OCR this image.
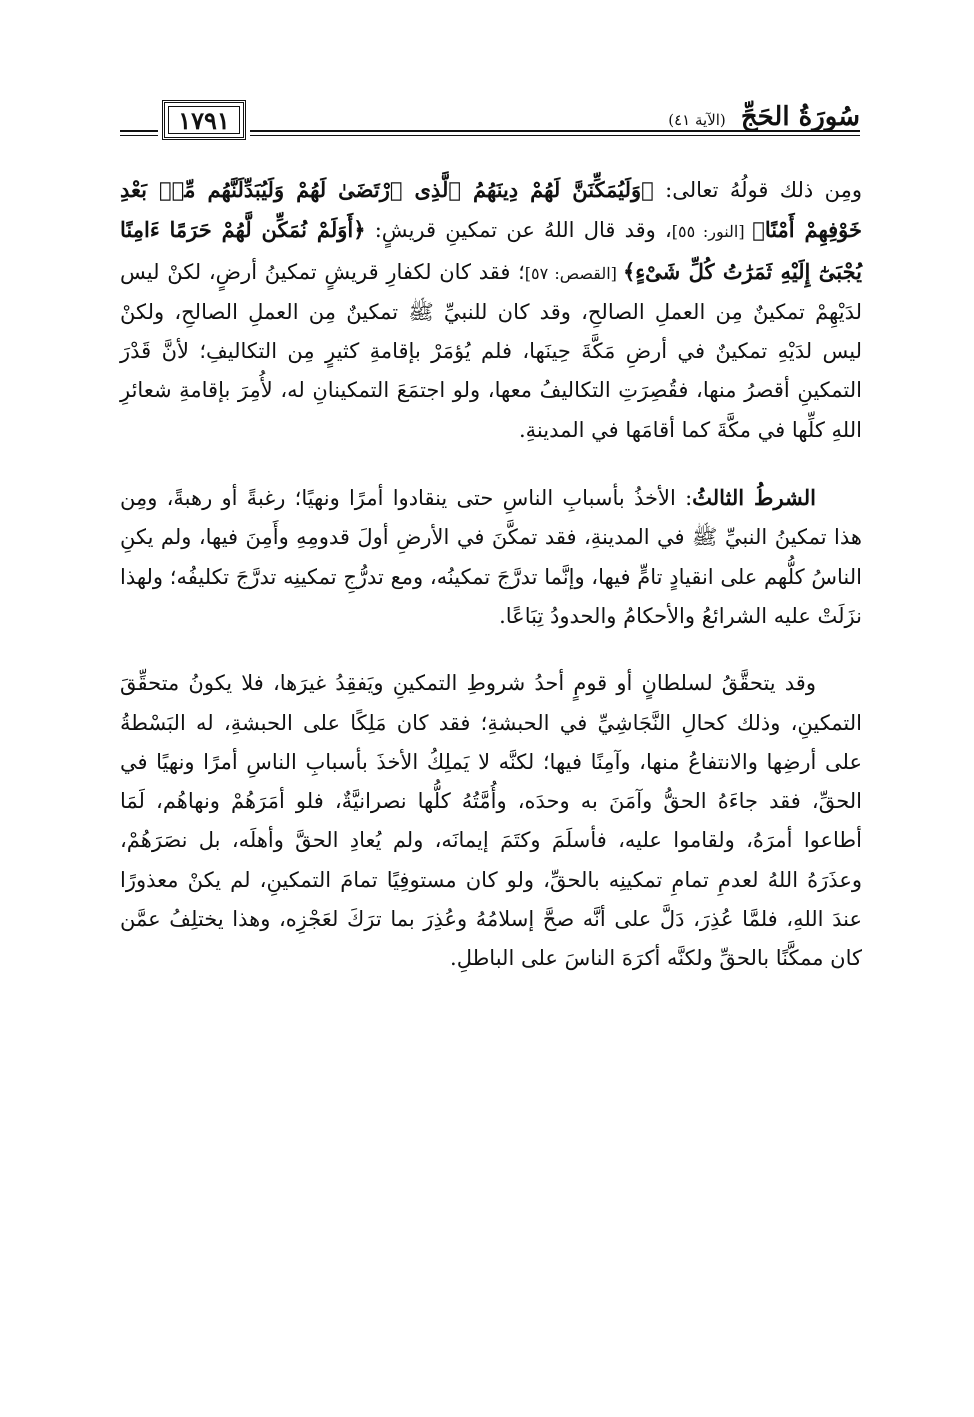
سُورَةُ الحَجِّ (الآية ٤١)
١٧٩١

ومِن ذلك قولُهُ تعالى: ﴿وَلَيُمَكِّنَنَّ لَهُمْ دِينَهُمُ ٱلَّذِى ٱرْتَضَىٰ لَهُمْ وَلَيُبَدِّلَنَّهُم مِّنۢ بَعْدِ خَوْفِهِمْ أَمْنًا﴾ [النور: ٥٥]، وقد قال اللهُ عن تمكينِ قريشٍ: ﴿أَوَلَمْ نُمَكِّن لَّهُمْ حَرَمًا ءَامِنًا يُجْبَىٰٓ إِلَيْهِ ثَمَرَٰتُ كُلِّ شَىْءٍ﴾ [القصص: ٥٧]؛ فقد كان لكفارِ قريشٍ تمكينُ أرضٍ، لكنْ ليس لدَيْهِمْ تمكينٌ مِن العملِ الصالحِ، وقد كان للنبيِّ ﷺ تمكينٌ مِن العملِ الصالحِ، ولكنْ ليس لدَيْهِ تمكينٌ في أرضِ مَكَّةَ حِينَها، فلم يُؤمَرْ بإقامةِ كثيرٍ مِن التكاليفِ؛ لأنَّ قَدْرَ التمكينِ أقصرُ منها، فقُصِرَتِ التكاليفُ معها، ولو اجتمَعَ التمكينانِ له، لأُمِرَ بإقامةِ شعائرِ اللهِ كلِّها في مكَّةَ كما أقامَها في المدينةِ.

الشرطُ الثالثُ: الأخذُ بأسبابِ الناسِ حتى ينقادوا أمرًا ونهيًا؛ رغبةً أو رهبةً، ومِن هذا تمكينُ النبيِّ ﷺ في المدينةِ، فقد تمكَّنَ في الأرضِ أولَ قدومِهِ وأَمِنَ فيها، ولم يكنِ الناسُ كلُّهم على انقيادٍ تامٍّ فيها، وإنَّما تدرَّجَ تمكينُه، ومع تدرُّجِ تمكينِه تدرَّجَ تكليفُه؛ ولهذا نزَلَتْ عليه الشرائعُ والأحكامُ والحدودُ تِبَاعًا.

وقد يتحقَّقُ لسلطانٍ أو قومٍ أحدُ شروطِ التمكينِ ويَفقِدُ غيرَها، فلا يكونُ متحقِّقَ التمكينِ، وذلك كحالِ النَّجَاشِيِّ في الحبشةِ؛ فقد كان مَلِكًا على الحبشةِ، له البَسْطةُ على أرضِها والانتفاعُ منها، وآمِنًا فيها؛ لكنَّه لا يَملِكُ الأخذَ بأسبابِ الناسِ أمرًا ونهيًا في الحقِّ، فقد جاءَهُ الحقُّ وآمَنَ به وحدَه، وأُمَّتُهُ كلُّها نصرانيَّةٌ، فلو أمَرَهُمْ ونهاهُم، لَمَا أطاعوا أمرَهُ، ولقاموا عليه، فأسلَمَ وكتَمَ إيمانَه، ولم يُعادِ الحقَّ وأهلَه، بل نصَرَهُمْ، وعذَرَهُ اللهُ لعدمِ تمامِ تمكينِه بالحقِّ، ولو كان مستوفِيًا تمامَ التمكينِ، لم يكنْ معذورًا عندَ اللهِ، فلمَّا عُذِرَ، دَلَّ على أنَّه صحَّ إسلامُهُ وعُذِرَ بما ترَكَ لعَجْزِه، وهذا يختلِفُ عمَّن كان ممكَّنًا بالحقِّ ولكنَّه أكرَهَ الناسَ على الباطلِ.
